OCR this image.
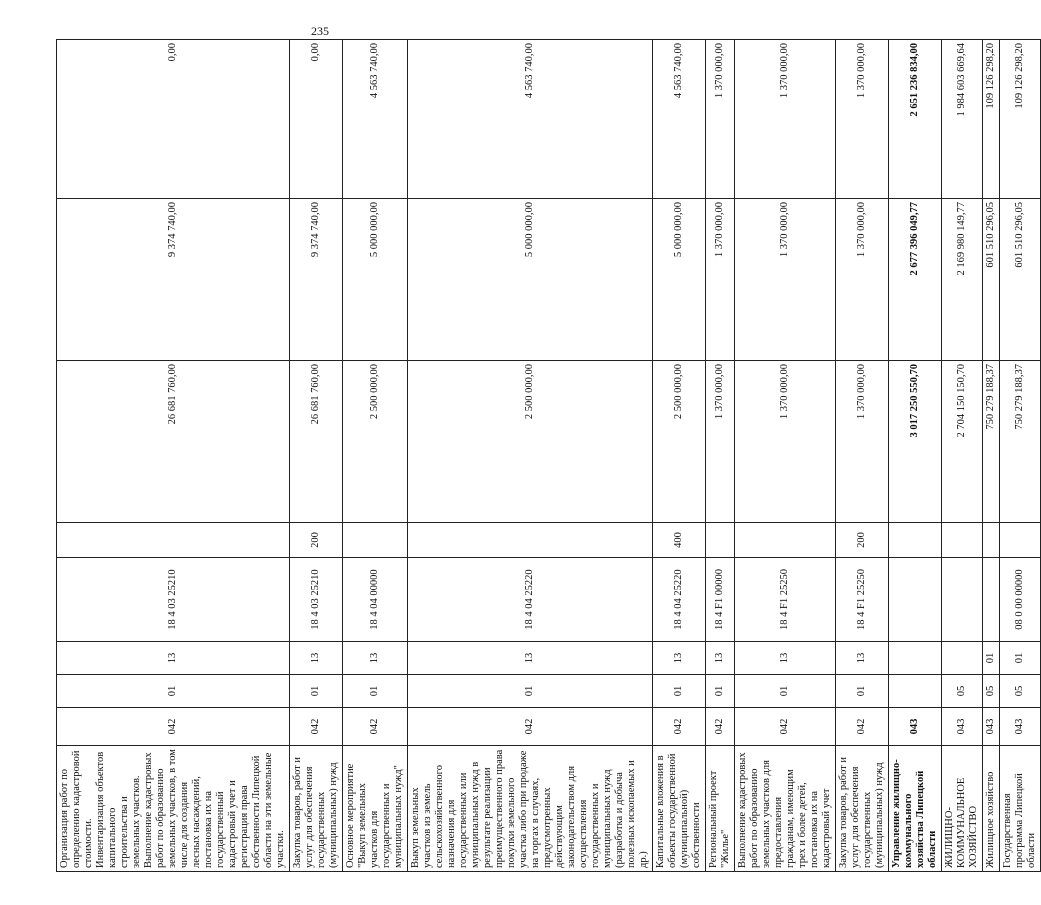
235
Организация работ по определению кадастровой стоимости. Инвентаризация объектов капитального строительства и земельных участков. Выполнение кадастровых работ по образованию земельных участков, в том числе для создания лесных насаждений, постановка их на государственный кадастровый учет и регистрация права собственности Липецкой области на эти земельные участки.	042	01	13	18 4 03 25210		26 681 760,00	9 374 740,00	0,00
Закупка товаров, работ и услуг для обеспечения государственных (муниципальных) нужд	042	01	13	18 4 03 25210	200	26 681 760,00	9 374 740,00	0,00
Основное мероприятие "Выкуп земельных участков для государственных и муниципальных нужд"	042	01	13	18 4 04 00000		2 500 000,00	5 000 000,00	4 563 740,00
Выкуп земельных участков из земель сельскохозяйственного назначения для государственных или муниципальных нужд в результате реализации преимущественного права покупки земельного участка либо при продаже на торгах в случаях, предусмотренных действующим законодательством для осуществления государственных и муниципальных нужд (разработка и добыча полезных ископаемых и др.)	042	01	13	18 4 04 25220		2 500 000,00	5 000 000,00	4 563 740,00
Капитальные вложения в объекты государственной (муниципальной) собственности	042	01	13	18 4 04 25220	400	2 500 000,00	5 000 000,00	4 563 740,00
Региональный проект "Жилье"	042	01	13	18 4 F1 00000		1 370 000,00	1 370 000,00	1 370 000,00
Выполнение кадастровых работ по образованию земельных участков для предоставления гражданам, имеющим трех и более детей, постановка их на кадастровый учет	042	01	13	18 4 F1 25250		1 370 000,00	1 370 000,00	1 370 000,00
Закупка товаров, работ и услуг для обеспечения государственных (муниципальных) нужд	042	01	13	18 4 F1 25250	200	1 370 000,00	1 370 000,00	1 370 000,00
Управление жилищно-коммунального хозяйства Липецкой области	043					3 017 250 550,70	2 677 396 049,77	2 651 236 834,00
ЖИЛИЩНО-КОММУНАЛЬНОЕ ХОЗЯЙСТВО	043	05				2 704 150 150,70	2 169 980 149,77	1 984 603 669,64
Жилищное хозяйство	043	05	01			750 279 188,37	601 510 296,05	109 126 298,20
Государственная программа Липецкой области	043	05	01	08 0 00 00000		750 279 188,37	601 510 296,05	109 126 298,20
